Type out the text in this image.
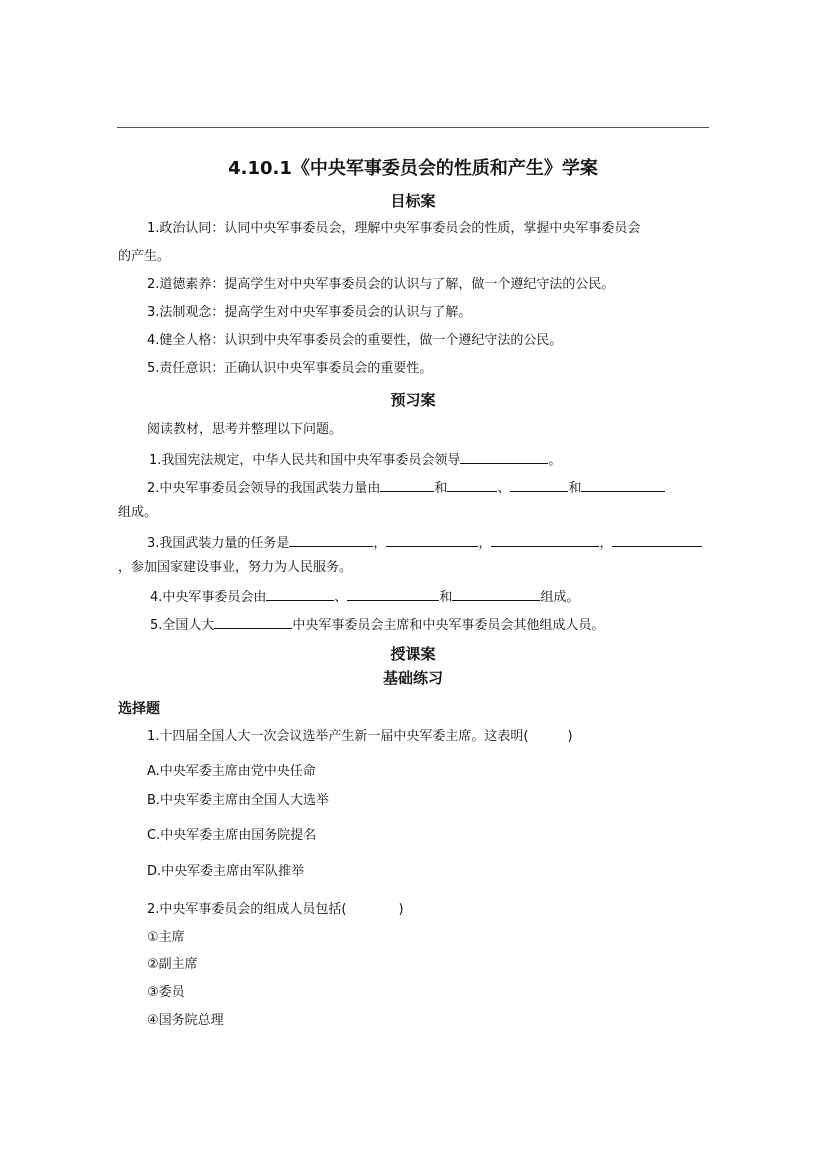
4.10.1《中央军事委员会的性质和产生》学案
目标案
1.政治认同：认同中央军事委员会，理解中央军事委员会的性质，掌握中央军事委员会
的产生。
2.道德素养：提高学生对中央军事委员会的认识与了解，做一个遵纪守法的公民。
3.法制观念：提高学生对中央军事委员会的认识与了解。
4.健全人格：认识到中央军事委员会的重要性，做一个遵纪守法的公民。
5.责任意识：正确认识中央军事委员会的重要性。
预习案
阅读教材，思考并整理以下问题。
1.我国宪法规定，中华人民共和国中央军事委员会领导	。
2.中央军事委员会领导的我国武装力量由	和	、	和
组成。
3.我国武装力量的任务是	，	，	，
，参加国家建设事业，努力为人民服务。
4.中央军事委员会由	、	和	组成。
5.全国人大	中央军事委员会主席和中央军事委员会其他组成人员。
授课案
基础练习
选择题
1.十四届全国人大一次会议选举产生新一届中央军委主席。这表明(　　　)
A.中央军委主席由党中央任命
B.中央军委主席由全国人大选举
C.中央军委主席由国务院提名
D.中央军委主席由军队推举
2.中央军事委员会的组成人员包括(　　　　)
①主席
②副主席
③委员
④国务院总理
